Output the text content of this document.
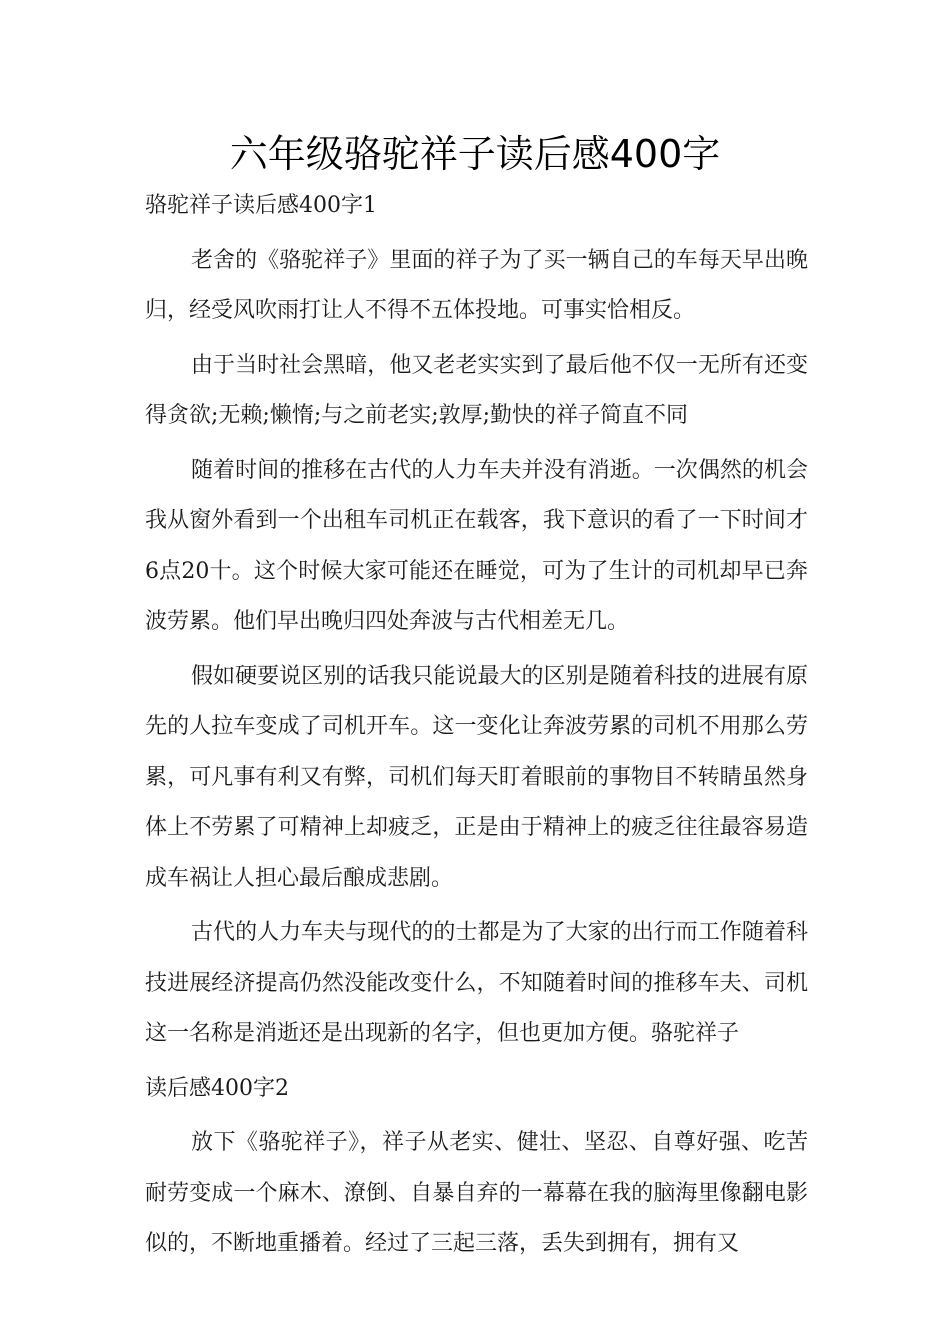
六年级骆驼祥子读后感400字
骆驼祥子读后感400字1

老舍的《骆驼祥子》里面的祥子为了买一辆自己的车每天早出晚归，经受风吹雨打让人不得不五体投地。可事实恰相反。

由于当时社会黑暗，他又老老实实到了最后他不仅一无所有还变得贪欲;无赖;懒惰;与之前老实;敦厚;勤快的祥子简直不同

随着时间的推移在古代的人力车夫并没有消逝。一次偶然的机会我从窗外看到一个出租车司机正在载客，我下意识的看了一下时间才6点20十。这个时候大家可能还在睡觉，可为了生计的司机却早已奔波劳累。他们早出晚归四处奔波与古代相差无几。

假如硬要说区别的话我只能说最大的区别是随着科技的进展有原先的人拉车变成了司机开车。这一变化让奔波劳累的司机不用那么劳累，可凡事有利又有弊，司机们每天盯着眼前的事物目不转睛虽然身体上不劳累了可精神上却疲乏，正是由于精神上的疲乏往往最容易造成车祸让人担心最后酿成悲剧。

古代的人力车夫与现代的的士都是为了大家的出行而工作随着科技进展经济提高仍然没能改变什么，不知随着时间的推移车夫、司机这一名称是消逝还是出现新的名字，但也更加方便。骆驼祥子

读后感400字2

放下《骆驼祥子》，祥子从老实、健壮、坚忍、自尊好强、吃苦耐劳变成一个麻木、潦倒、自暴自弃的一幕幕在我的脑海里像翻电影似的，不断地重播着。经过了三起三落，丢失到拥有，拥有又
